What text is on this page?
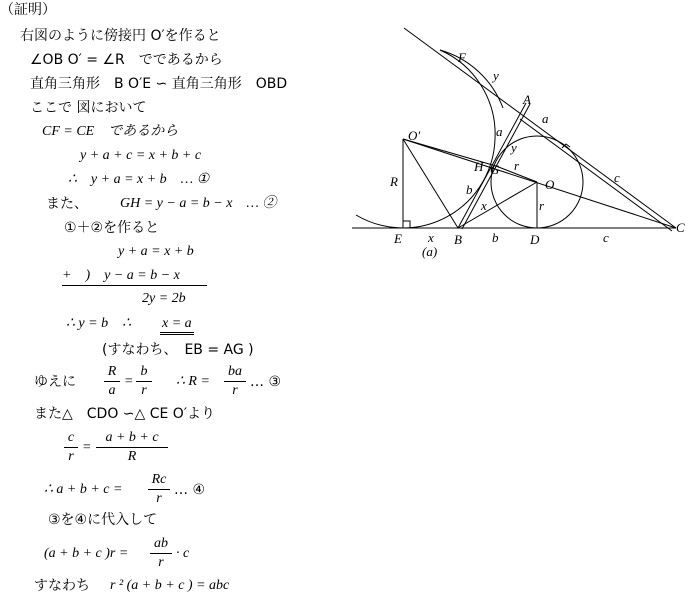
（証明）
右図のように傍接円 O′を作ると
∠OB O′ = ∠R　でであるから
直角三角形　B O′E ∽ 直角三角形　OBD
ここで 図において
CF = CE　であるから
y + a + c = x + b + c
∴　y + a = x + b　… ①
また、 GH = y − a = b − x　… ②
①＋②を作ると
y + a = x + b
+　)　y − a = b − x
2y = 2b
∴ y = b　∴ x = a
(すなわち、　EB = AG )
ゆえに
R
a
=
b
r
∴ R =
ba
r
… ③
また△　CDO ∽△ CE O′より
c
r
=
a + b + c
R
∴ a + b + c =
Rc
r
… ④
③を④に代入して
(a + b + c )r =
ab
r
· c
すなわち r ² (a + b + c ) = abc
F
y
A
a
O′	a
y
H G r
O	c
R
b
x	r
E x B b D	c
C
(a)
